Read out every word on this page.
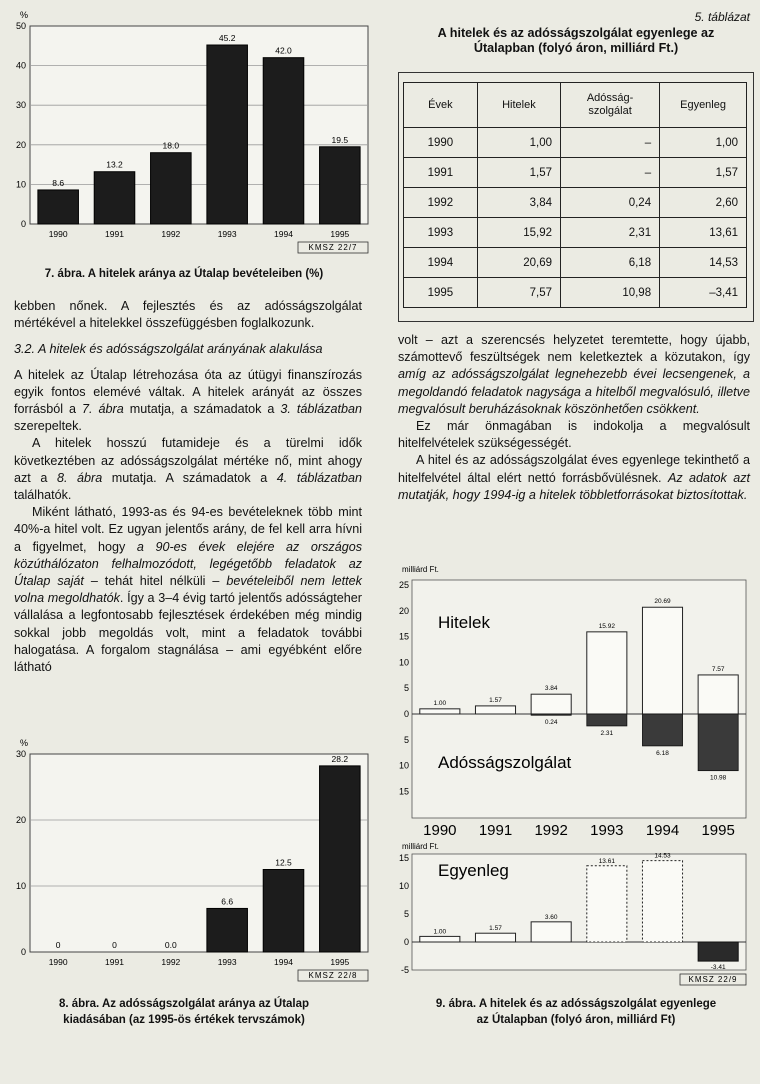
%
0
10
20
30
40
50
8.6
1990
13.2
1991
18.0
1992
45.2
1993
42.0
1994
19.5
1995
KMSZ 22/7
7. ábra. A hitelek aránya az Útalap bevételeiben (%)
5. táblázat
A hitelek és az adósságszolgálat egyenlege az
Útalapban (folyó áron, milliárd Ft.)
Évek	Hitelek	Adósság-szolgálat	Egyenleg
1990	1,00	–	1,00
1991	1,57	–	1,57
1992	3,84	0,24	2,60
1993	15,92	2,31	13,61
1994	20,69	6,18	14,53
1995	7,57	10,98	–3,41

kebben nőnek. A fejlesztés és az adósságszolgálat mértékével a hitelekkel összefüggésben foglalkozunk.

3.2. A hitelek és adósságszolgálat arányának alakulása

A hitelek az Útalap létrehozása óta az útügyi finanszírozás egyik fontos elemévé váltak. A hitelek arányát az összes forrásból a 7. ábra mutatja, a számadatok a 3. táblázatban szerepeltek.

A hitelek hosszú futamideje és a türelmi idők következtében az adósságszolgálat mértéke nő, mint ahogy azt a 8. ábra mutatja. A számadatok a 4. táblázatban találhatók.

Miként látható, 1993-as és 94-es bevételeknek több mint 40%-a hitel volt. Ez ugyan jelentős arány, de fel kell arra hívni a figyelmet, hogy a 90-es évek elejére az országos közúthálózaton felhalmozódott, legégetőbb feladatok az Útalap saját – tehát hitel nélküli – bevételeiből nem lettek volna megoldhatók. Így a 3–4 évig tartó jelentős adósságteher vállalása a legfontosabb fejlesztések érdekében még mindig sokkal jobb megoldás volt, mint a feladatok további halogatása. A forgalom stagnálása – ami egyébként előre látható

volt – azt a szerencsés helyzetet teremtette, hogy újabb, számottevő feszültségek nem keletkeztek a közutakon, így amíg az adósságszolgálat legnehezebb évei lecsengenek, a megoldandó feladatok nagysága a hitelből megvalósuló, illetve megvalósult beruházásoknak köszönhetően csökkent.

Ez már önmagában is indokolja a megvalósult hitelfelvételek szükségességét.

A hitel és az adósságszolgálat éves egyenlege tekinthető a hitelfelvétel által elért nettó forrásbővülésnek. Az adatok azt mutatják, hogy 1994-ig a hitelek többletforrásokat biztosítottak.

%
0
10
20
30
0
1990
0
1991
0.0
1992
6.6
1993
12.5
1994
28.2
1995
KMSZ 22/8
8. ábra. Az adósságszolgálat aránya az Útalap
kiadásában (az 1995-ös értékek tervszámok)
milliárd Ft.
0
5
10
15
20
25
5
10
15
Hitelek
Adósságszolgálat
1.00
1990
1.57
1991
3.84
0.24
1992
15.92
2.31
1993
20.69
6.18
1994
7.57
10.98
1995
milliárd Ft.
-5
0
5
10
15
Egyenleg
1.00	1.57
3.60
13.61
14.53
-3.41
KMSZ 22/9
9. ábra. A hitelek és az adósságszolgálat egyenlege
az Útalapban (folyó áron, milliárd Ft)
